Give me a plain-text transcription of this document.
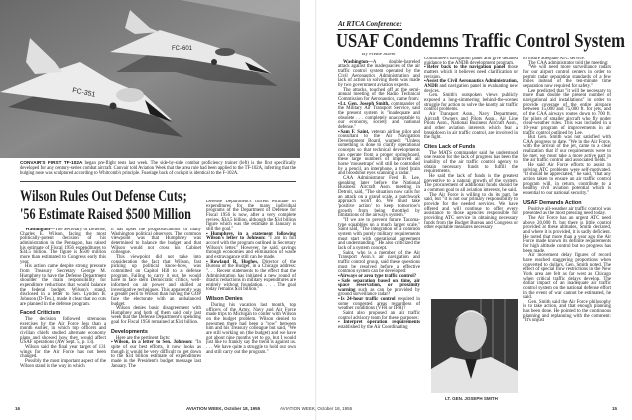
FC-601
FC-351
CONVAIR'S FIRST TF-102A began pre-flight tests last week. The side-by-side combat proficiency trainer (left) is the first specifically developed for any century-series combat aircraft. Convair told Aviation Week that the area rule had been applied to the TF-102A, inferring that the bulging nose was sculptured according to Whitcomb's principle. Fuselage back of cockpit is identical to the F-102A.
Wilson Rules Out Defense Cuts;
'56 Estimate Raised $500 Million

Washington—The Secretary of Defense, Charles E. Wilson, facing the most politically-potent decision of his administration in the Pentagon, has raised his estimate of Fiscal 1956 expenditures to $34.5 billion. The figure is $500 million more than estimated to Congress early this year.

His action came despite strong pressure from Treasury Secretary George M. Humphrey to have the Defense Department shoulder the main responsibility for expenditure reductions that would balance the federal budget. Wilson's stand, disclosed in a letter to Sen. Lyndon B. Johnson (D-Tex.), made it clear that no cuts are planned in the defense program.

Faced Criticism

The decision followed strenuous exercises by the Air Force less than a month earlier, in which top officers and civilian chiefs studied alternate economy plans and showed how they would affect USAF operations (AW Sept. 5, p. 13).

Wilson said the final year target of 131 wings for the Air Force has not been changed.

Possibly the most important aspect of the Wilson stand is the way in which

it has upset the prognostications of many Washington political observers. The common viewpoint was that Humphrey was determined to balance the budget and that Wilson would not cross his Cabinet colleague.

This viewpoint did not take into consideration the fact that Wilson, fast picking up political know-how, was committed on Capitol Hill to a defense program. Failing to carry it out, he would have to face stern Democratic critics, well-informed on air power and skilled at investigative techniques. This apparently was a greater peril to Wilson than having the GOP face the electorate with an unbalanced budget.

Wilson denies basic disagreement with Humphrey and both of them said only last week that the Defense Department's spending goal for Fiscal 1956 remained at $34 billion.

Developments

Here are the pertinent facts:

▪Wilson, in a letter to Sen. Johnson: "In spite of our best efforts, it now looks as though it would be very difficult to get down to the $34 billion estimate of expenditures made in the President's budget message last January. The

Defense Department's current estimate of expenditures for the many individual programs of the Department of Defense for Fiscal 1956 is now, after a very complete review, $34.5 billion, although the $34 billion figure which was the estimate in January is still the goal."

▪Humphrey, in a statement following Wilson's letter to Johnson: "I am in full accord with the program outlined in Secretary Wilson's letter." However, he said, savings through economies and elimination of waste and extravagance still can be made.

▪Rowland R. Hughes, Director of the Bureau of the Budget, in a Chicago address: ". . . Recent statements to the effect that the Administration has initiated a new round of drastic reductions in military expenditures are entirely without foundation. . . . The goal today remains $34 billion."

Wilson Denies

During his vacation last month, top officers of the Army, Navy and Air Force made trips to Michigan to confer with Wilson on the budget problem. Wilson denied to newsmen there had been a "row" between him and his Treasury colleague but said, "We are still working on (the budget) and we have got about nine months yet to go, but I would just like to frankly say the trend is against us. . . . We have quite a struggle to hold our own and still carry out the program."

16	AVIATION WEEK, October 18, 1955
At RTCA Conference:
USAF Condemns Traffic Control System
By Preble Staver

Washington—A double-barreled attack against the inadequacies of the air traffic control system operated by the Civil Aeronautics Administration and lack of action in solving them was made by two government aviation experts.

The attacks, touched off at the semi-annual meeting of the Radio Technical Commission for Aeronautics, came from:

▪Lt. Gen. Joseph Smith, commander of the Military Air Transport Service, said the present system is "inadequate and obsolete . . . completely unacceptable to our economy, society and national defense."

▪Sam F. Saint, veteran airline pilot and consultant to the Air Navigation Development Board, warned: "Unless something is done to clarify operational concepts so that technical developments can operate from a proper springboard, these large numbers of improved air horse 'mousetraps' will still be controlled by a pencil, an interphone, a tired brain and bloodshot eyes scanning a radar."

CAA Administrator Fred B. Lee, speaking later before the National Business Aircraft Assn. meeting in Detroit, said, "The situation now calls for an attack on a grand scale, a patchwork approach won't do. We must take 'positive action' to keep tomorrow's growth from being throttled by limitations of the airways system."

"If we are to prevent future Tacoma-type squabbles on a much larger scale," Saint said, "The integration of a common system with purely military requirements must start with operational agreement and understanding." He also criticized the lack of a system concept.

Saint, who is a member of the Air Transport Assn.'s air navigation and traffic control group, said these questions must be resolved before a effective common system can be developed:

▪Airways or area type traffic control?

▪Safe separation based on time, air space reservation, or proximity warning such as can be provided by ground surveillance radar?

▪Is 24-hour traffic control required in some congested areas regardless of weather conditions (VFR or IFR)?

Saint also proposed an air traffic control advisory team for these purposes:

▪Interpret operation requirements established by the Air Coordinating

Committee's navigation panel and give detailed guidance to the ANDB development program.

▪Refer back to the navigation panel those matters which it believes need clarification or revision.

▪Assist the Civil Aeronautics Administration, ANDB and navigation panel in evaluating new devices.

Gen. Smith's outspoken views publicly exposed a long-simmering behind-the-scenes struggle for action to solve the knotty air traffic control problems.

Air Transport Assn., Navy Department, Aircraft Owners and Pilots Assn., Air Line Pilots Assn., National Business Aircraft Assn., and other aviation interests which fear a breakdown in air traffic control, are involved in the fight.

Cites Lack of Funds

The MATS commander said he understood one reason for the lack of progress has been the inability of the air traffic control agency to obtain necessary funds to fulfill the requirements.

He said the lack of funds is the greatest preventive to a natural growth of the system. The procurement of additional funds should be a common goal to all aviation interests, he said.

The Air Force is willing to do its part, he said, but "it is not our primary responsibility to provide for the needed services. We have offered and will continue to offer every assistance to those agencies responsible for providing ATC service in obtaining necessary funds from the Budget Bureau and Congress or other equitable measures necessary

to insure adequate ATC service."

The CAA administrator told the meeting:

"We will need more surveillance radars for our airport control centers in order to permit radar separation standards of a few miles instead of the ten-minute time separation now required for safety."

Lee predicted that "it will be necessary to more than double the present number of navigational aid installations" in order to provide coverage of the entire airspace between 15,000 and 75,000 ft. for jets, and of the CAA airways routes down to 700 ft. for pilots of smaller aircraft who fly under clear-weather rules. This was included in a 10-year program of improvements in air traffic control outlined by Lee.

But Gen. Smith was not satisfied with CAA progress to date. "We in the Air Force, with the arrival of the jet, came to a clear realization that if our requirements were to be met, we must take a more active part in the air traffic control and associated fields."

He said Air Force efforts to assist in solving ATC problems were self-motivated. "It should be appreciated," he said, "that any action taken to ensure an air traffic control program will, in return, contribute to a healthy civil aviation potential which is essential to our national security."

USAF Demands Action

Positive all-weather air traffic control was presented as the most pressing need today.

The Air Force has an urgent ATC need above 20,000 ft. but there is little control provided at these altitudes, Smith declared, and where it is provided, it is sadly deficient. He noted that more than a year ago the Air Force made known its definite requirements for high altitude control but no progress has been made.

Air movement delay figures of record have reached staggering proportions when converted to dollars, Gen. Smith noted. The effect of special flow restrictions in the New York area are felt as far west as Chicago when critical traffic delays develop. The dollar impact of an inadequate air traffic control system on the national defense effort in the event of war cannot be estimated, he said.

Gen. Smith said the Air Force philosophy is to take action, and that enough planning has been done. He pointed to the continuous planning and replanning with the comment: "It's unjust

LT. GEN. JOSEPH SMITH
AVIATION WEEK, October 18, 1955	15
